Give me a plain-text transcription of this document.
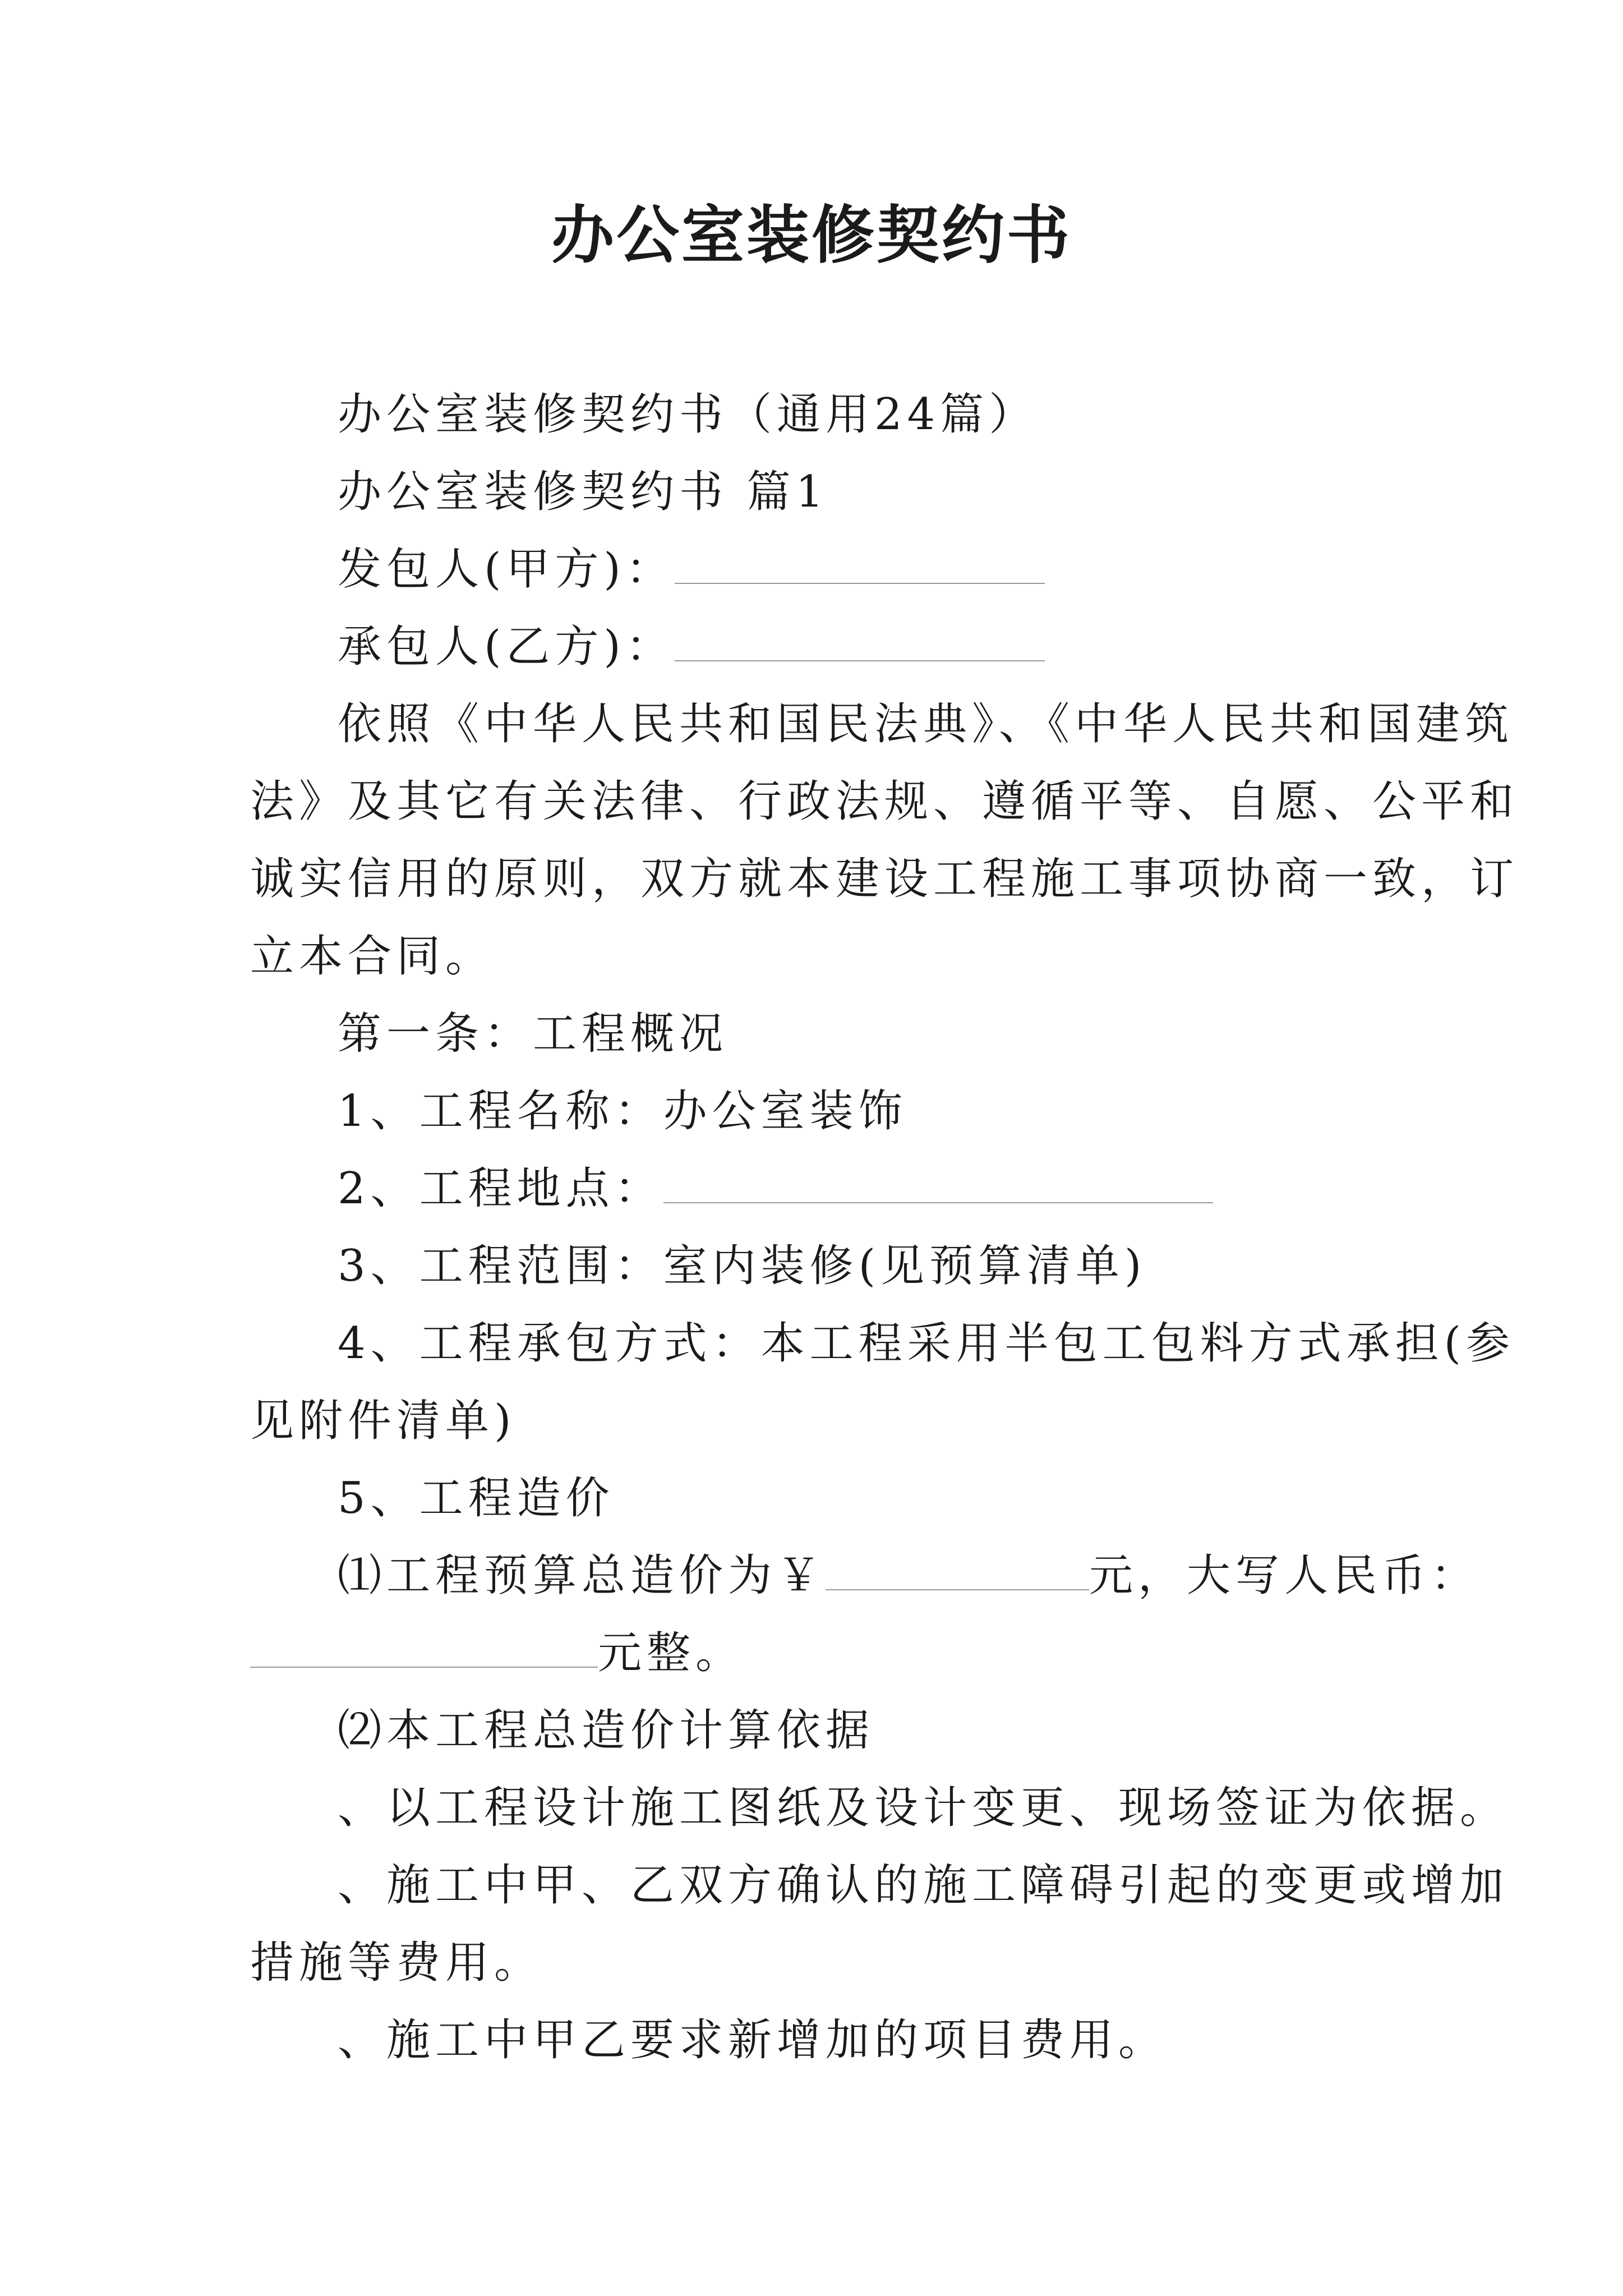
办公室装修契约书

办公室装修契约书（通用24篇）

办公室装修契约书 篇1

发包人(甲方)：

承包人(乙方)：

依照《中华人民共和国民法典》、《中华人民共和国建筑

法》及其它有关法律、行政法规、遵循平等、自愿、公平和

诚实信用的原则，双方就本建设工程施工事项协商一致，订

立本合同。

第一条：工程概况

1、工程名称：办公室装饰

2、工程地点：

3、工程范围：室内装修(见预算清单)

4、工程承包方式：本工程采用半包工包料方式承担(参

见附件清单)

5、工程造价

⑴工程预算总造价为￥	元，大写人民币：

元整。

⑵本工程总造价计算依据

、以工程设计施工图纸及设计变更、现场签证为依据。

、施工中甲、乙双方确认的施工障碍引起的变更或增加

措施等费用。

、施工中甲乙要求新增加的项目费用。
